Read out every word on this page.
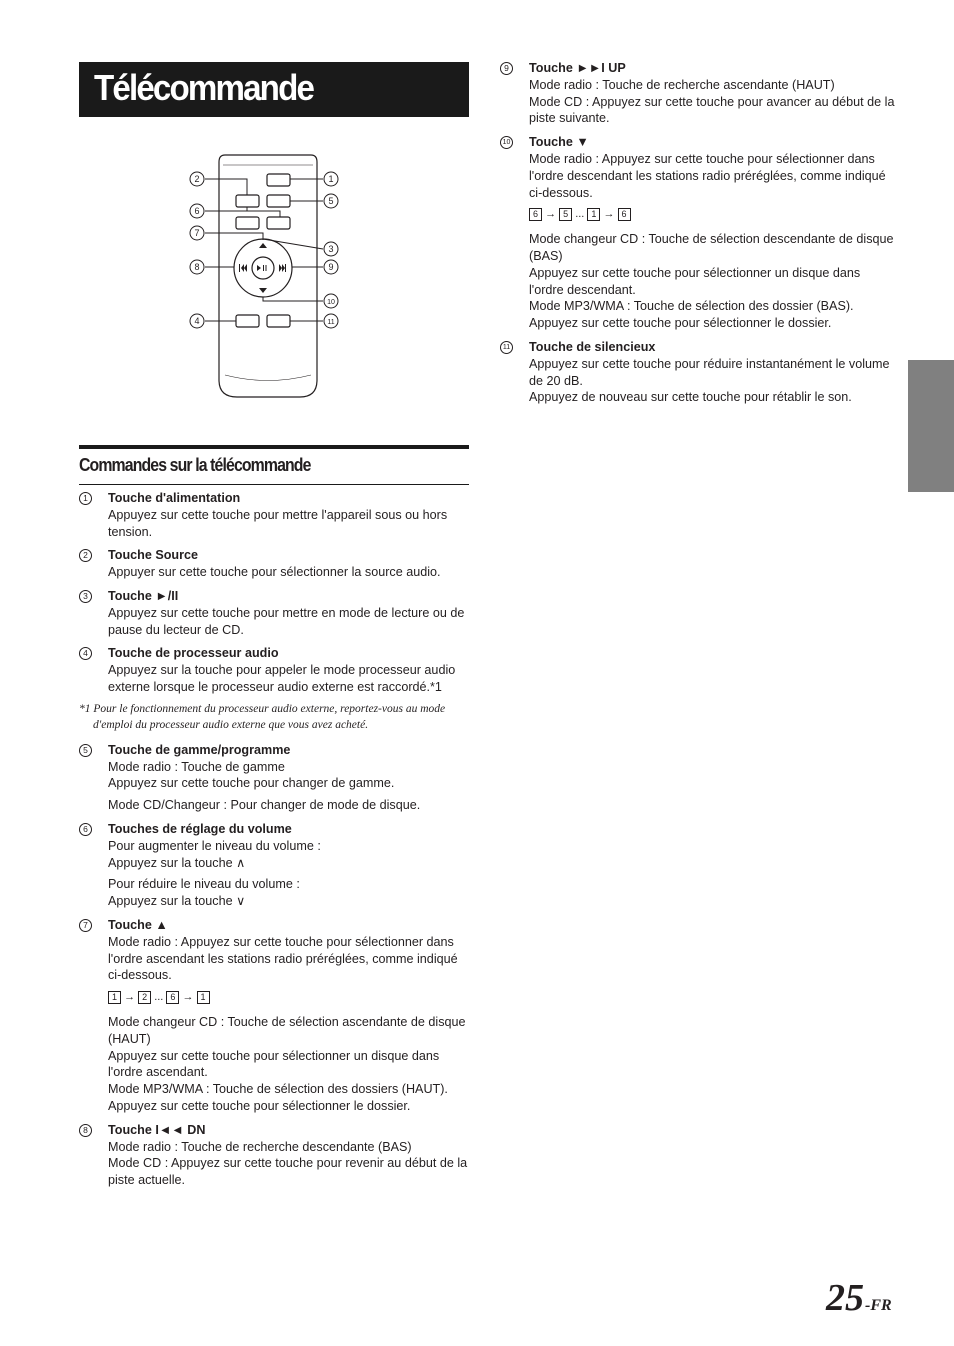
Télécommande
2
6
7
8
4
1
5
3
9
10
11
Commandes sur la télécommande
1	Touche d'alimentation

Appuyez sur cette touche pour mettre l'appareil sous ou hors tension.

2	Touche Source

Appuyer sur cette touche pour sélectionner la source audio.

3	Touche ►/II

Appuyez sur cette touche pour mettre en mode de lecture ou de pause du lecteur de CD.

4	Touche de processeur audio

Appuyez sur la touche pour appeler le mode processeur audio externe lorsque le processeur audio externe est raccordé.*1

*1 Pour le fonctionnement du processeur audio externe, reportez-vous au mode d'emploi du processeur audio externe que vous avez acheté.

5	Touche de gamme/programme

Mode radio : Touche de gamme

Appuyez sur cette touche pour changer de gamme.

Mode CD/Changeur : Pour changer de mode de disque.

6	Touches de réglage du volume

Pour augmenter le niveau du volume :

Appuyez sur la touche ∧

Pour réduire le niveau du volume :

Appuyez sur la touche ∨

7	Touche ▲

Mode radio : Appuyez sur cette touche pour sélectionner dans l'ordre ascendant les stations radio préréglées, comme indiqué ci-dessous.

1 → 2 ... 6 → 1

Mode changeur CD : Touche de sélection ascendante de disque (HAUT)

Appuyez sur cette touche pour sélectionner un disque dans l'ordre ascendant.

Mode MP3/WMA : Touche de sélection des dossiers (HAUT).

Appuyez sur cette touche pour sélectionner le dossier.

8	Touche I◄◄ DN

Mode radio : Touche de recherche descendante (BAS)

Mode CD : Appuyez sur cette touche pour revenir au début de la piste actuelle.

9	Touche ►►I UP

Mode radio : Touche de recherche ascendante (HAUT)

Mode CD : Appuyez sur cette touche pour avancer au début de la piste suivante.

10 Touche ▼

Mode radio : Appuyez sur cette touche pour sélectionner dans l'ordre descendant les stations radio préréglées, comme indiqué ci-dessous.

6 → 5 ... 1 → 6

Mode changeur CD : Touche de sélection descendante de disque (BAS)

Appuyez sur cette touche pour sélectionner un disque dans l'ordre descendant.

Mode MP3/WMA : Touche de sélection des dossier (BAS).

Appuyez sur cette touche pour sélectionner le dossier.

11 Touche de silencieux

Appuyez sur cette touche pour réduire instantanément le volume de 20 dB.

Appuyez de nouveau sur cette touche pour rétablir le son.

25 -FR
